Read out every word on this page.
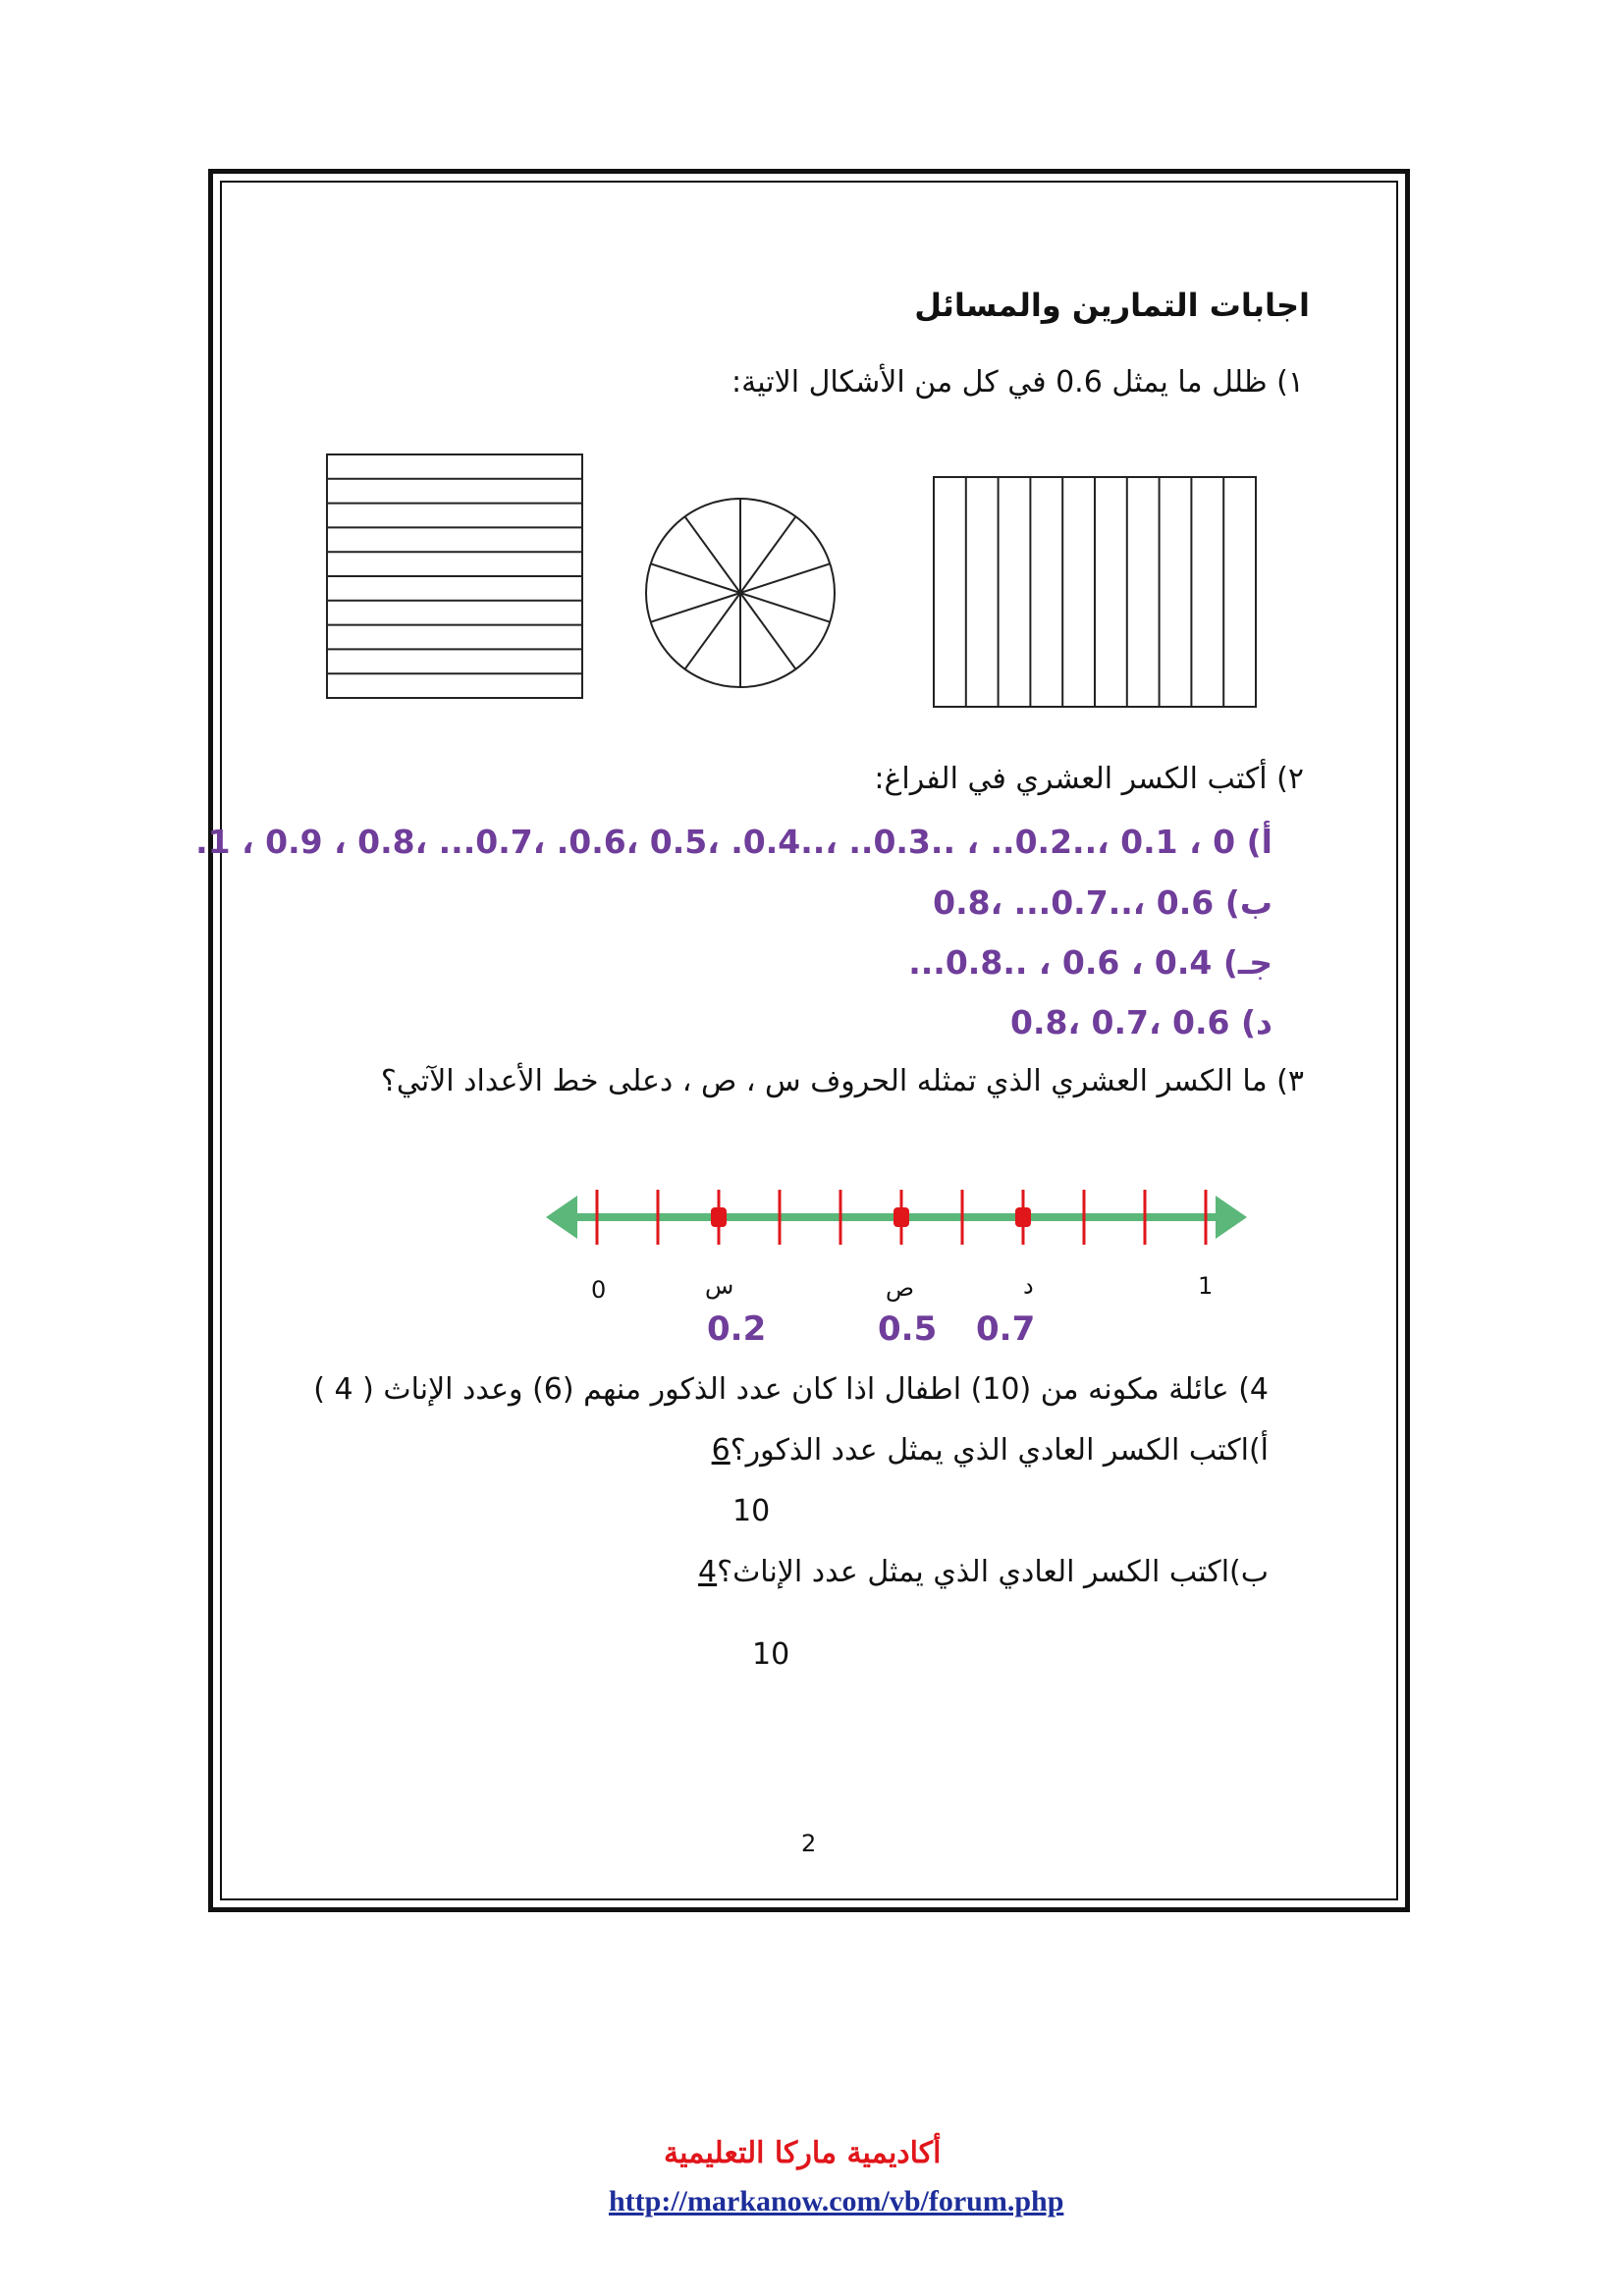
اجابات التمارين والمسائل
١) ظلل ما يمثل 0.6 في كل من الأشكال الاتية:
٢) أكتب الكسر العشري في الفراغ:
أ) 0 ، 0.1 ،..0.2.. ، ..0.3.. ،..0.4. ،0.5 ،0.6. ،0.7... ،0.8 ، 0.9 ، 1.
ب) 0.6 ،..0.7... ،0.8
جـ) 0.4 ، 0.6 ، ..0.8...
د) 0.6 ،0.7 ،0.8
٣) ما الكسر العشري الذي تمثله الحروف س ، ص ، دعلى خط الأعداد الآتي؟
0	1
س	ص	د
0.2	0.5 0.7
4) عائلة مكونه من (10) اطفال اذا كان عدد الذكور منهم (6) وعدد الإناث ( 4 )
أ)اكتب الكسر العادي الذي يمثل عدد الذكور؟6
10
ب)اكتب الكسر العادي الذي يمثل عدد الإناث؟4
10
2
أكاديمية ماركا التعليمية
http://markanow.com/vb/forum.php
